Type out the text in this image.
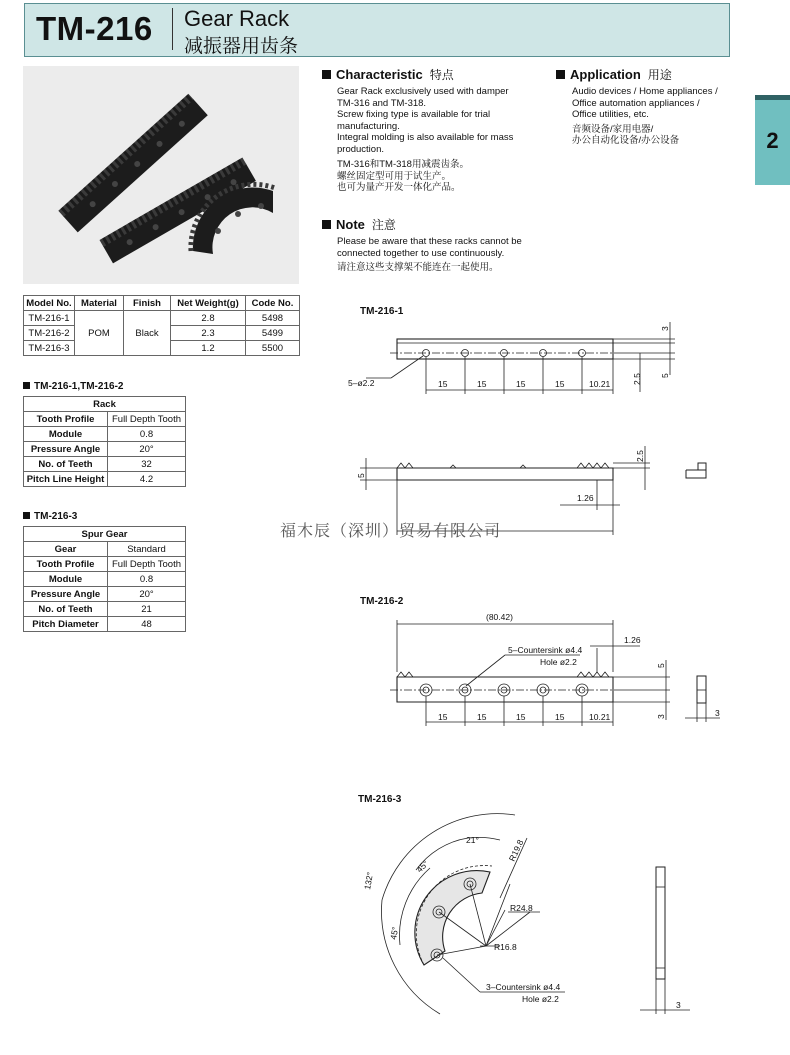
TM-216 Gear Rack
减振器用齿条
2
Characteristic 特点
Gear Rack exclusively used with damper
TM-316 and TM-318.
Screw fixing type is available for trial
manufacturing.
Integral molding is also available for mass
production.
TM-316和TM-318用减震齿条。
螺丝固定型可用于试生产。
也可为量产开发一体化产品。
Application 用途
Audio devices / Home appliances /
Office automation appliances /
Office utilities, etc.
音频设备/家用电器/
办公自动化设备/办公设备
Note 注意
Please be aware that these racks cannot be
connected together to use continuously.
请注意这些支撑架不能连在一起使用。
Model No.	Material	Finish	Net Weight(g)	Code No.
TM-216-1	POM	Black	2.8	5498
TM-216-2			2.3	5499
TM-216-3			1.2	5500
TM-216-1,TM-216-2
Rack	
Tooth Profile	Full Depth Tooth
Module	0.8
Pressure Angle	20°
No. of Teeth	32
Pitch Line Height	4.2
TM-216-3
Spur Gear	
Gear	Standard
Tooth Profile	Full Depth Tooth
Module	0.8
Pressure Angle	20°
No. of Teeth	21
Pitch Diameter	48
TM-216-1
3
2.5 5
5–ø2.2	15	15	15	15	10.21
5
2.5
1.26
TM-216-2
(80.42)
1.26
5–Countersink ø4.4
Hole ø2.2	5
3
15	15	15	15	10.21	3
TM-216-3
132°
45°
45°
21°	R19.8
R24.8
R16.8
3–Countersink ø4.4
Hole ø2.2
3
福木辰（深圳）贸易有限公司
